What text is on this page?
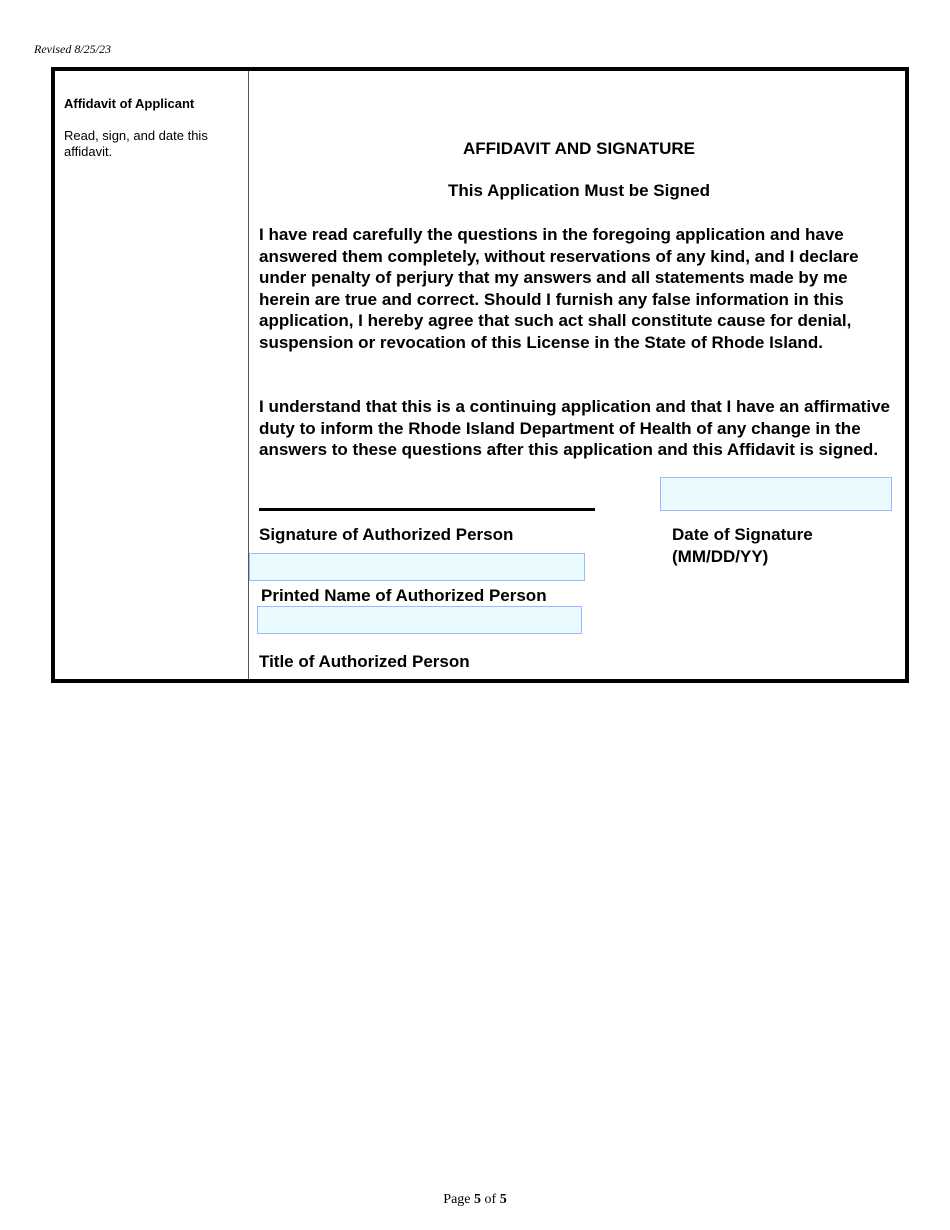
Revised 8/25/23
Affidavit of Applicant
Read, sign, and date this affidavit.	AFFIDAVIT AND SIGNATURE
This Application Must be Signed
I have read carefully the questions in the foregoing application and have answered them completely, without reservations of any kind, and I declare under penalty of perjury that my answers and all statements made by me herein are true and correct. Should I furnish any false information in this application, I hereby agree that such act shall constitute cause for denial, suspension or revocation of this License in the State of Rhode Island.
I understand that this is a continuing application and that I have an affirmative duty to inform the Rhode Island Department of Health of any change in the answers to these questions after this application and this Affidavit is signed.
Signature of Authorized Person	Date of Signature
(MM/DD/YY)
Printed Name of Authorized Person
Title of Authorized Person
Page 5 of 5
